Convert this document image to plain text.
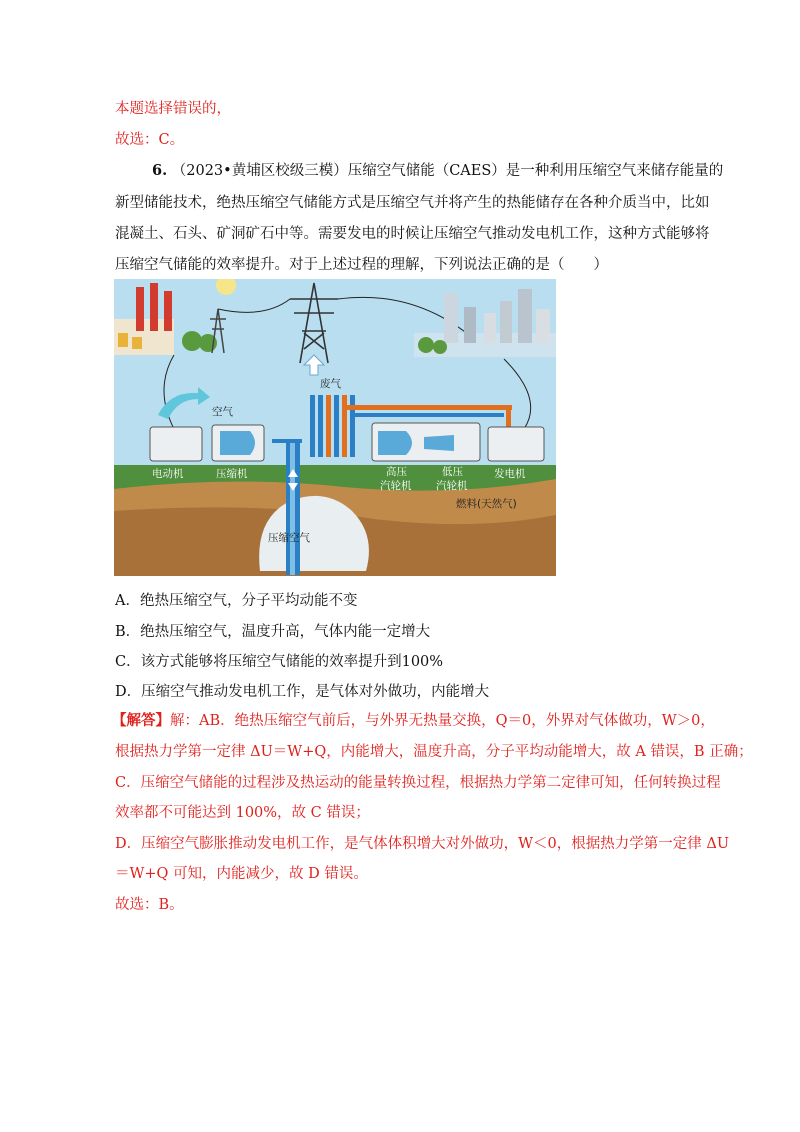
本题选择错误的，
故选：C。
6. （2023•黄埔区校级三模）压缩空气储能（CAES）是一种利用压缩空气来储存能量的
新型储能技术，绝热压缩空气储能方式是压缩空气并将产生的热能储存在各种介质当中，比如
混凝土、石头、矿洞矿石中等。需要发电的时候让压缩空气推动发电机工作，这种方式能够将
压缩空气储能的效率提升。对于上述过程的理解，下列说法正确的是（　　）
废气
空气
电动机	压缩机	高压
汽轮机
低压
汽轮机
发电机
燃料(天然气)
压缩空气
A．绝热压缩空气，分子平均动能不变
B．绝热压缩空气，温度升高，气体内能一定增大
C．该方式能够将压缩空气储能的效率提升到100%
D．压缩空气推动发电机工作，是气体对外做功，内能增大
【解答】解：AB．绝热压缩空气前后，与外界无热量交换，Q＝0，外界对气体做功，W＞0，
根据热力学第一定律 ΔU＝W+Q，内能增大，温度升高，分子平均动能增大，故 A 错误，B 正确；
C．压缩空气储能的过程涉及热运动的能量转换过程，根据热力学第二定律可知，任何转换过程
效率都不可能达到 100%，故 C 错误；
D．压缩空气膨胀推动发电机工作，是气体体积增大对外做功，W＜0，根据热力学第一定律 ΔU
＝W+Q 可知，内能减少，故 D 错误。
故选：B。
